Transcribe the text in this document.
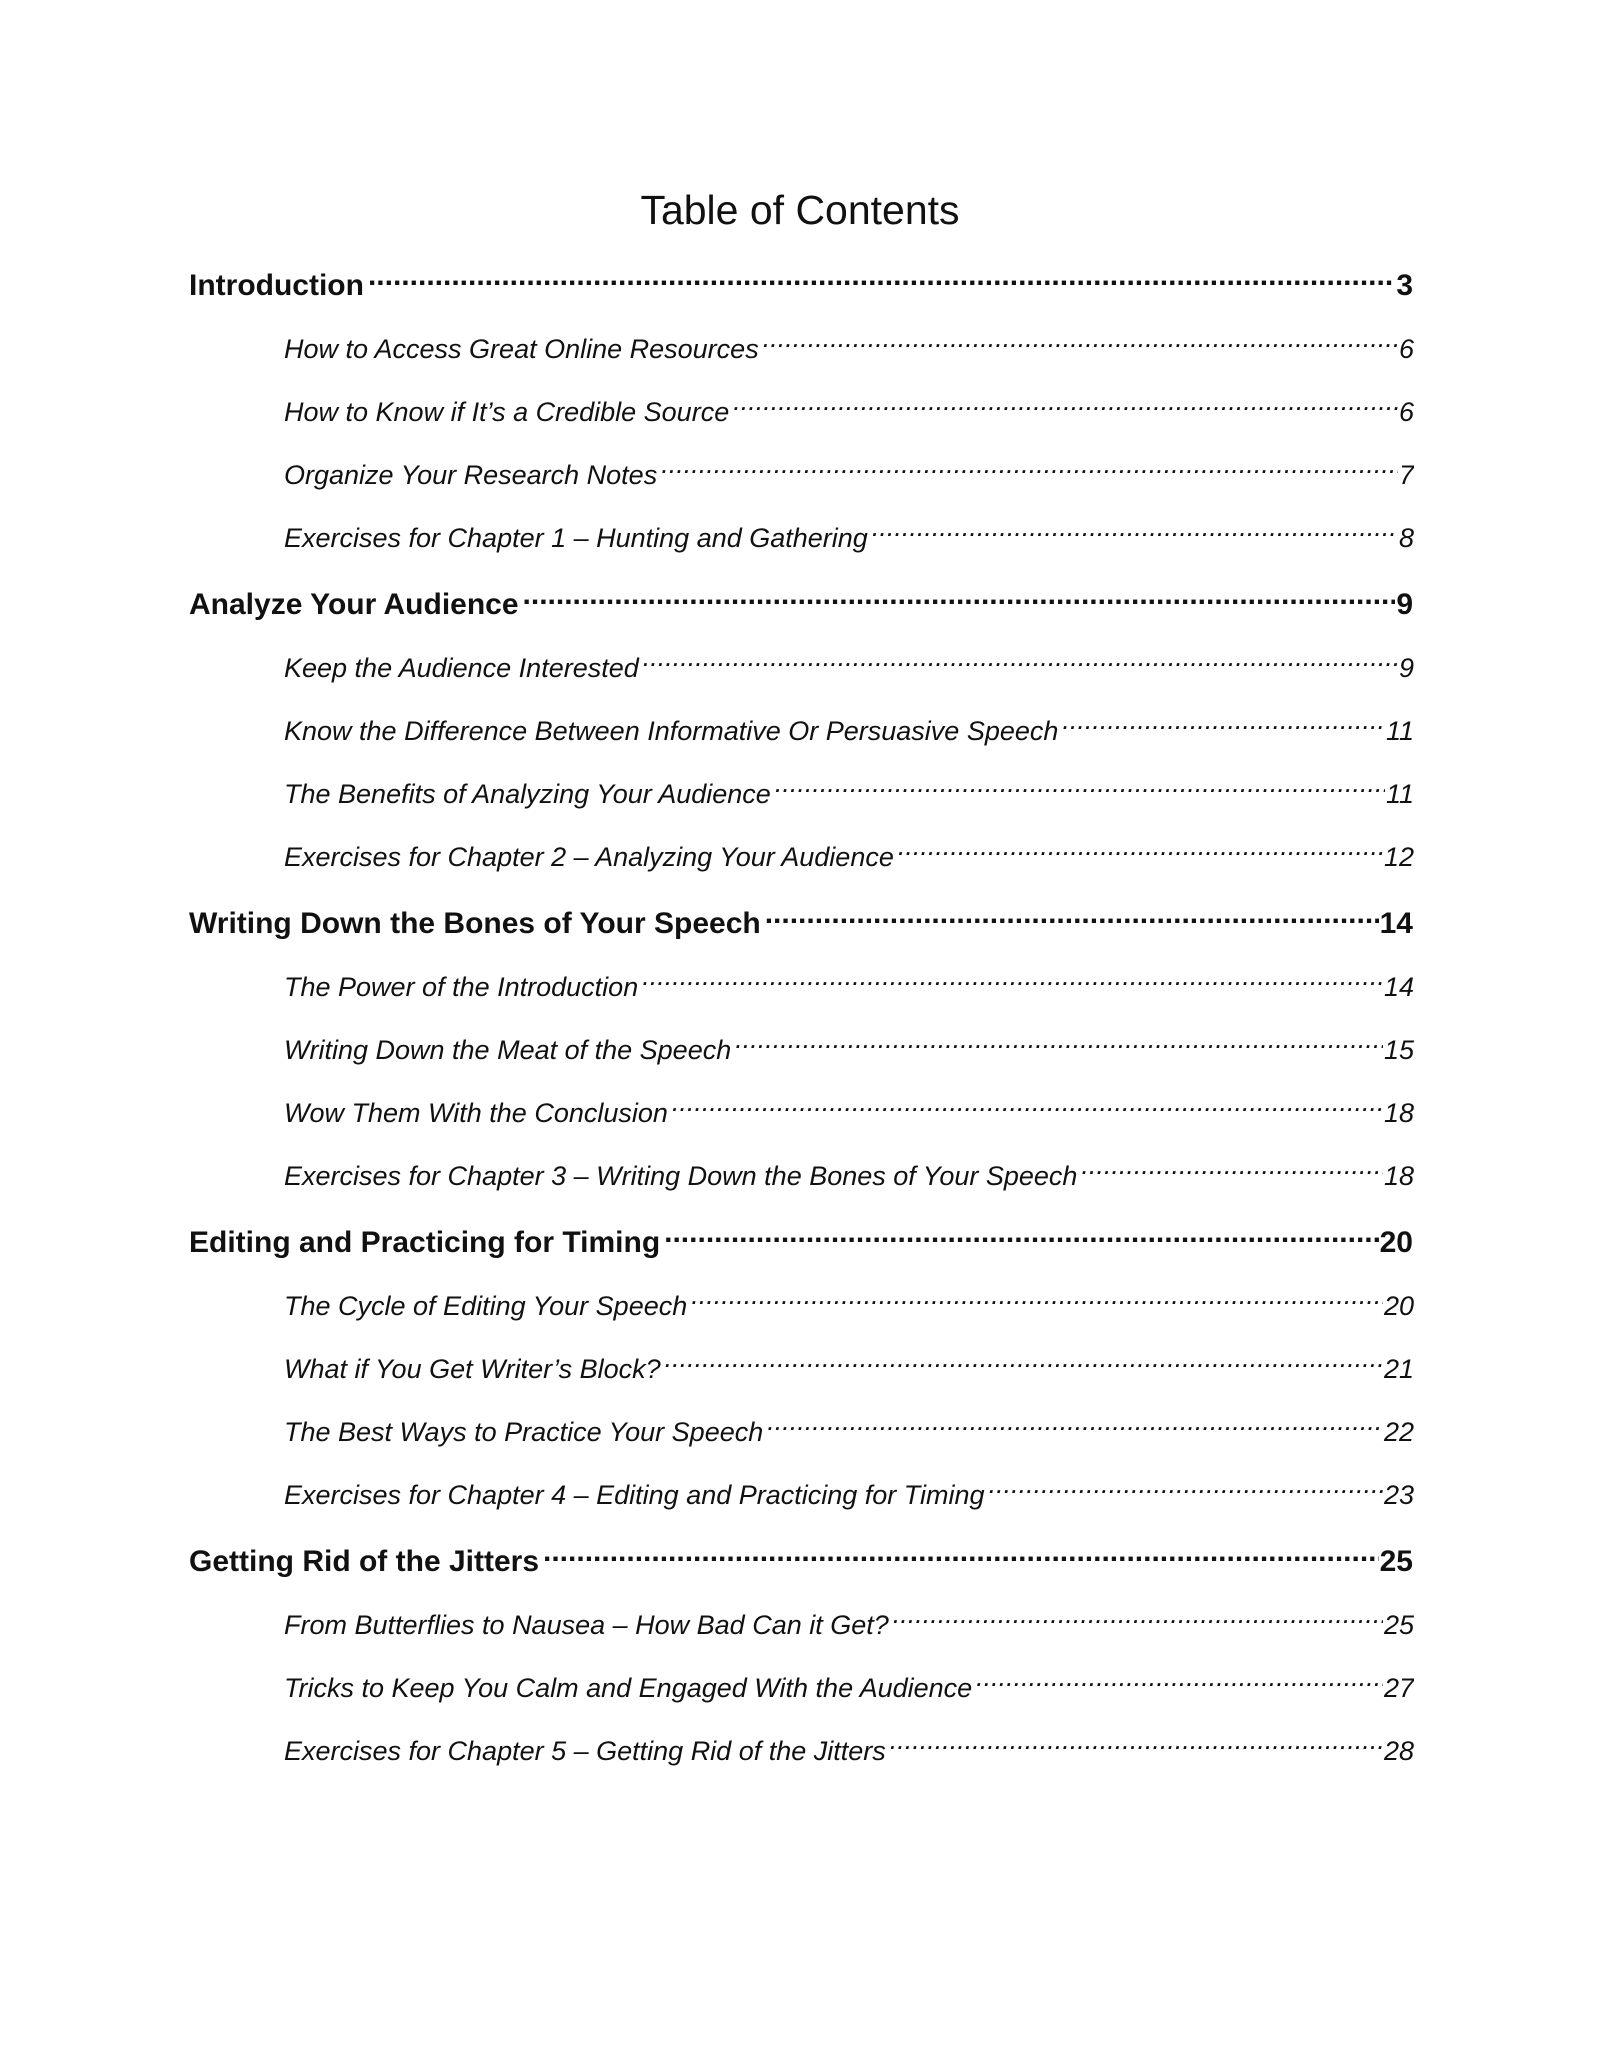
Table of Contents
Introduction .....	3
How to Access Great Online Resources .....	6
How to Know if It’s a Credible Source .....	6
Organize Your Research Notes .....	7
Exercises for Chapter 1 – Hunting and Gathering .....	8
Analyze Your Audience .....	9
Keep the Audience Interested .....	9
Know the Difference Between Informative Or Persuasive Speech .....	11
The Benefits of Analyzing Your Audience .....	11
Exercises for Chapter 2 – Analyzing Your Audience .....	12
Writing Down the Bones of Your Speech .....	14
The Power of the Introduction .....	14
Writing Down the Meat of the Speech .....	15
Wow Them With the Conclusion .....	18
Exercises for Chapter 3 – Writing Down the Bones of Your Speech .....	18
Editing and Practicing for Timing .....	20
The Cycle of Editing Your Speech .....	20
What if You Get Writer’s Block? .....	21
The Best Ways to Practice Your Speech .....	22
Exercises for Chapter 4 – Editing and Practicing for Timing .....	23
Getting Rid of the Jitters .....	25
From Butterflies to Nausea – How Bad Can it Get? .....	25
Tricks to Keep You Calm and Engaged With the Audience .....	27
Exercises for Chapter 5 – Getting Rid of the Jitters .....	28
